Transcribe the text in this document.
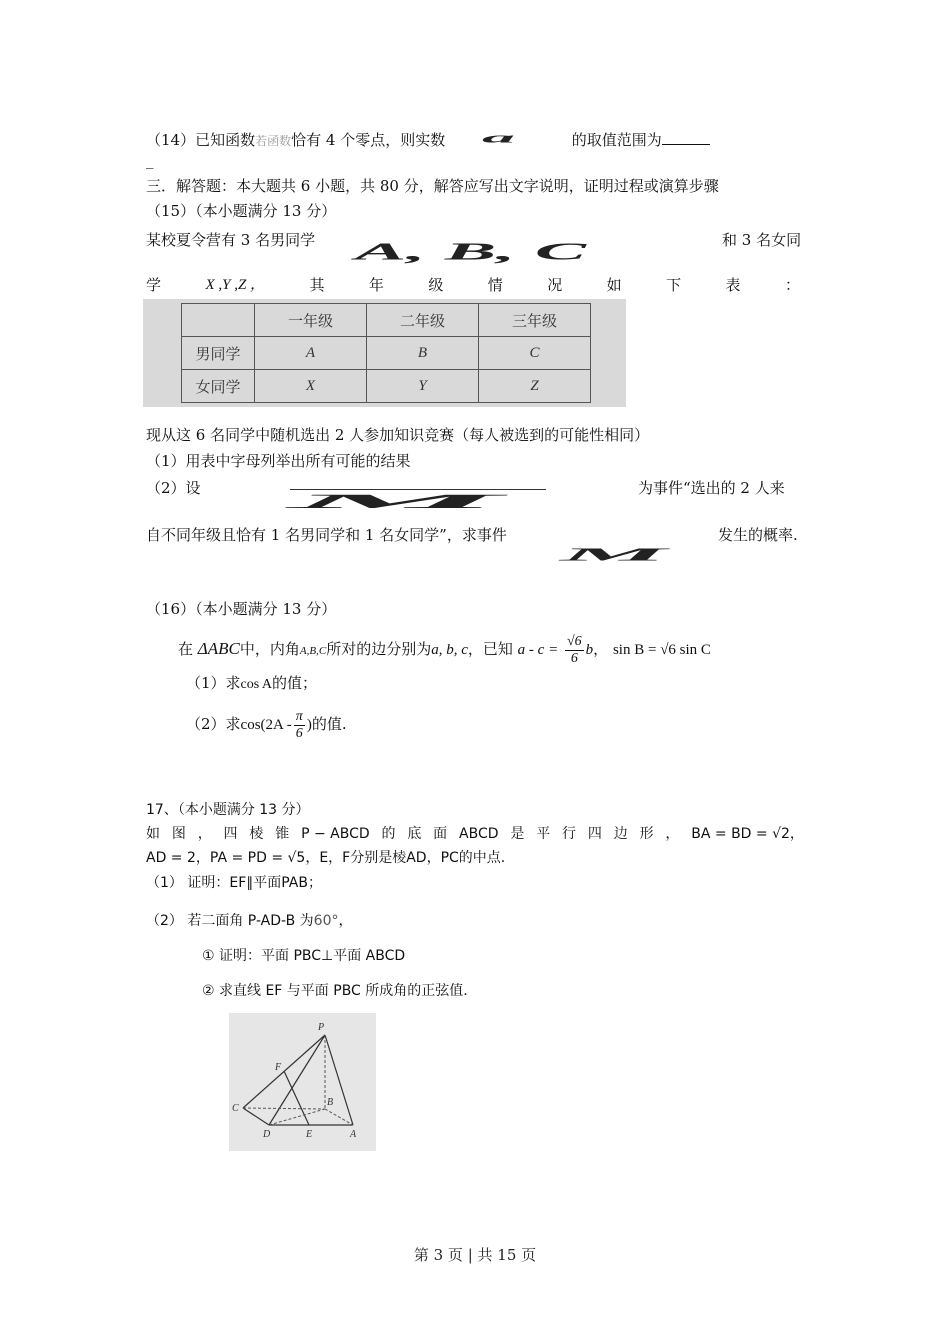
（14）已知函数若函数恰有 4 个零点，则实数 a	的取值范围为
_
三．解答题：本大题共 6 小题，共 80 分，解答应写出文字说明，证明过程或演算步骤
（15）（本小题满分 13 分）
某校夏令营有 3 名男同学 A, B, C	和 3 名女同
学	X ,Y ,Z ，	其	年	级	情	况	如	下	表	：
	一年级	二年级	三年级
男同学	A	B	C
女同学	X	Y	Z
现从这 6 名同学中随机选出 2 人参加知识竞赛（每人被选到的可能性相同）
（1）用表中字母列举出所有可能的结果
（2）设
M
为事件“选出的 2 人来
自不同年级且恰有 1 名男同学和 1 名女同学”，求事件
M
发生的概率.
（16）（本小题满分 13 分）
在 ΔABC中，内角A,B,C所对的边分别为a, b, c，已知 $a - c = \frac{√6}{6}$ b， sin B = √6 sin C
（1）求cos A的值；
（2）求$\cos(2A - \frac{\pi}{6}$ )的值.
17、（本小题满分 13 分）
如 图 ， 四 棱 锥 P − ABCD 的 底 面 ABCD 是 平 行 四 边 形 ， BA = BD = √2，
AD = 2，PA = PD = √5，E，F分别是棱AD，PC的中点.
（1） 证明：EF∥平面PAB；
（2） 若二面角 P-AD-B 为60°，
① 证明：平面 PBC⊥平面 ABCD
② 求直线 EF 与平面 PBC 所成角的正弦值.
P
F
C
B
D	E	A
第 3 页 | 共 15 页
